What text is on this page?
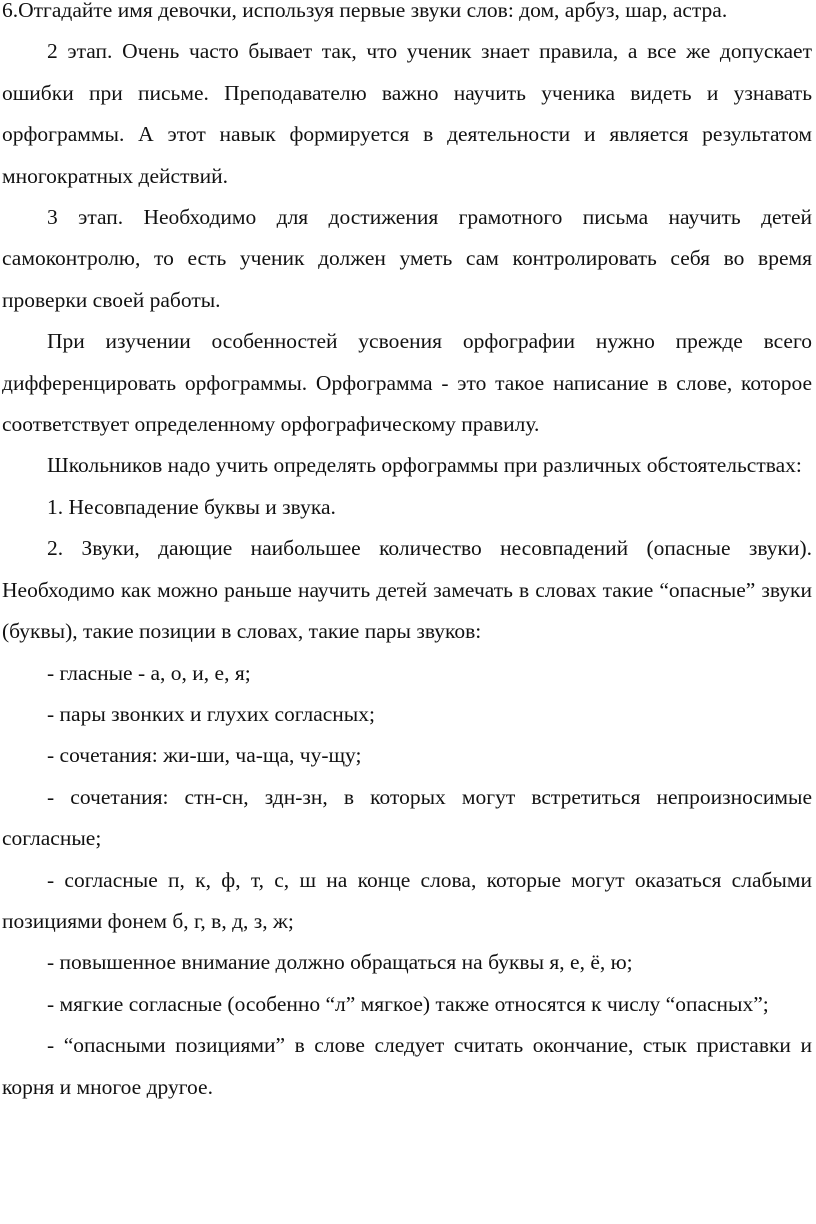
6.Отгадайте имя девочки, используя первые звуки слов: дом, арбуз, шар, астра.

2 этап. Очень часто бывает так, что ученик знает правила, а все же допускает ошибки при письме. Преподавателю важно научить ученика видеть и узнавать орфограммы. А этот навык формируется в деятельности и является результатом многократных действий.

3 этап. Необходимо для достижения грамотного письма научить детей самоконтролю, то есть ученик должен уметь сам контролировать себя во время проверки своей работы.

При изучении особенностей усвоения орфографии нужно прежде всего дифференцировать орфограммы. Орфограмма - это такое написание в слове, которое соответствует определенному орфографическому правилу.

Школьников надо учить определять орфограммы при различных обстоятельствах:

1. Несовпадение буквы и звука.

2. Звуки, дающие наибольшее количество несовпадений (опасные звуки). Необходимо как можно раньше научить детей замечать в словах такие “опасные” звуки (буквы), такие позиции в словах, такие пары звуков:

- гласные - а, о, и, е, я;

- пары звонких и глухих согласных;

- сочетания: жи-ши, ча-ща, чу-щу;

- сочетания: стн-сн, здн-зн, в которых могут встретиться непроизносимые согласные;

- согласные п, к, ф, т, с, ш на конце слова, которые могут оказаться слабыми позициями фонем б, г, в, д, з, ж;

- повышенное внимание должно обращаться на буквы я, е, ё, ю;

- мягкие согласные (особенно “л” мягкое) также относятся к числу “опасных”;

- “опасными позициями” в слове следует считать окончание, стык приставки и корня и многое другое.
